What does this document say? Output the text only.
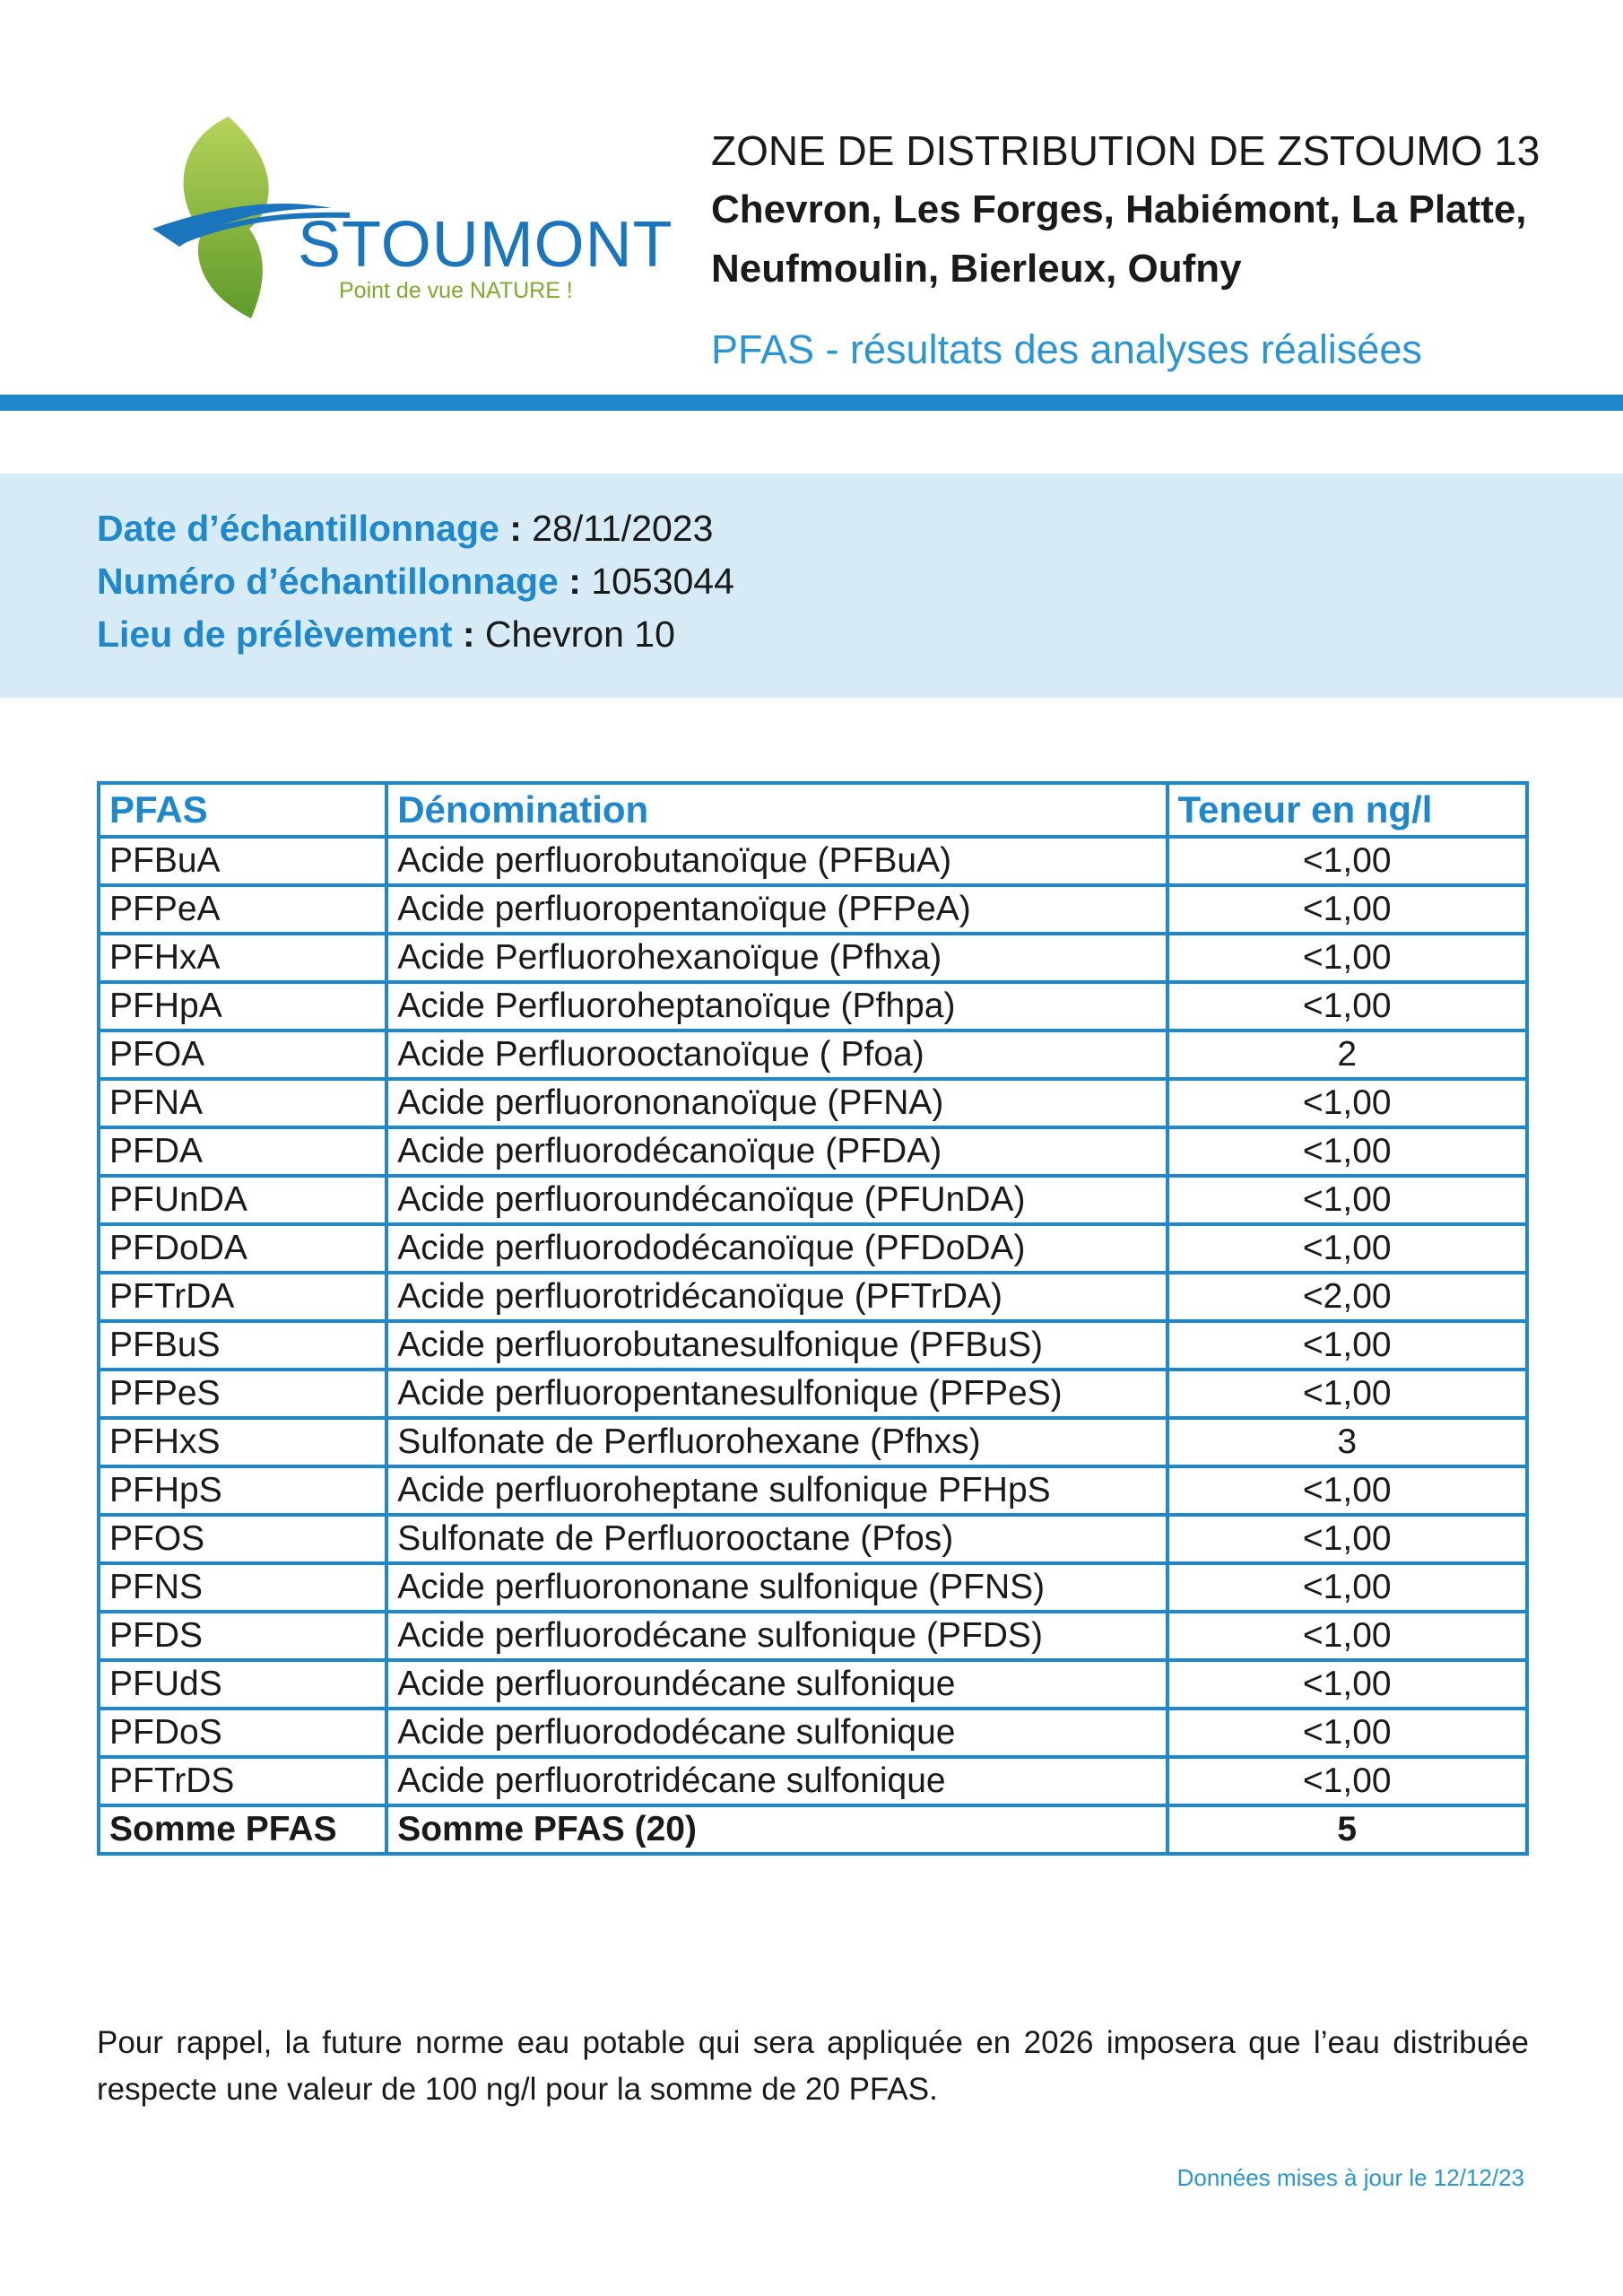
STOUMONT
Point de vue NATURE !
ZONE DE DISTRIBUTION DE ZSTOUMO 13
Chevron, Les Forges, Habiémont, La Platte,
Neufmoulin, Bierleux, Oufny
PFAS - résultats des analyses réalisées
Date d’échantillonnage : 28/11/2023
Numéro d’échantillonnage : 1053044
Lieu de prélèvement : Chevron 10
PFAS	Dénomination	Teneur en ng/l
PFBuA	Acide perfluorobutanoïque (PFBuA)	<1,00
PFPeA	Acide perfluoropentanoïque (PFPeA)	<1,00
PFHxA	Acide Perfluorohexanoïque (Pfhxa)	<1,00
PFHpA	Acide Perfluoroheptanoïque (Pfhpa)	<1,00
PFOA	Acide Perfluorooctanoïque ( Pfoa)	2
PFNA	Acide perfluorononanoïque (PFNA)	<1,00
PFDA	Acide perfluorodécanoïque (PFDA)	<1,00
PFUnDA	Acide perfluoroundécanoïque (PFUnDA)	<1,00
PFDoDA	Acide perfluorododécanoïque (PFDoDA)	<1,00
PFTrDA	Acide perfluorotridécanoïque (PFTrDA)	<2,00
PFBuS	Acide perfluorobutanesulfonique (PFBuS)	<1,00
PFPeS	Acide perfluoropentanesulfonique (PFPeS)	<1,00
PFHxS	Sulfonate de Perfluorohexane (Pfhxs)	3
PFHpS	Acide perfluoroheptane sulfonique PFHpS	<1,00
PFOS	Sulfonate de Perfluorooctane (Pfos)	<1,00
PFNS	Acide perfluorononane sulfonique (PFNS)	<1,00
PFDS	Acide perfluorodécane sulfonique (PFDS)	<1,00
PFUdS	Acide perfluoroundécane sulfonique	<1,00
PFDoS	Acide perfluorododécane sulfonique	<1,00
PFTrDS	Acide perfluorotridécane sulfonique	<1,00
Somme PFAS	Somme PFAS (20)	5
Pour rappel, la future norme eau potable qui sera appliquée en 2026 imposera que l’eau distribuée respecte une valeur de 100 ng/l pour la somme de 20 PFAS.
Données mises à jour le 12/12/23
